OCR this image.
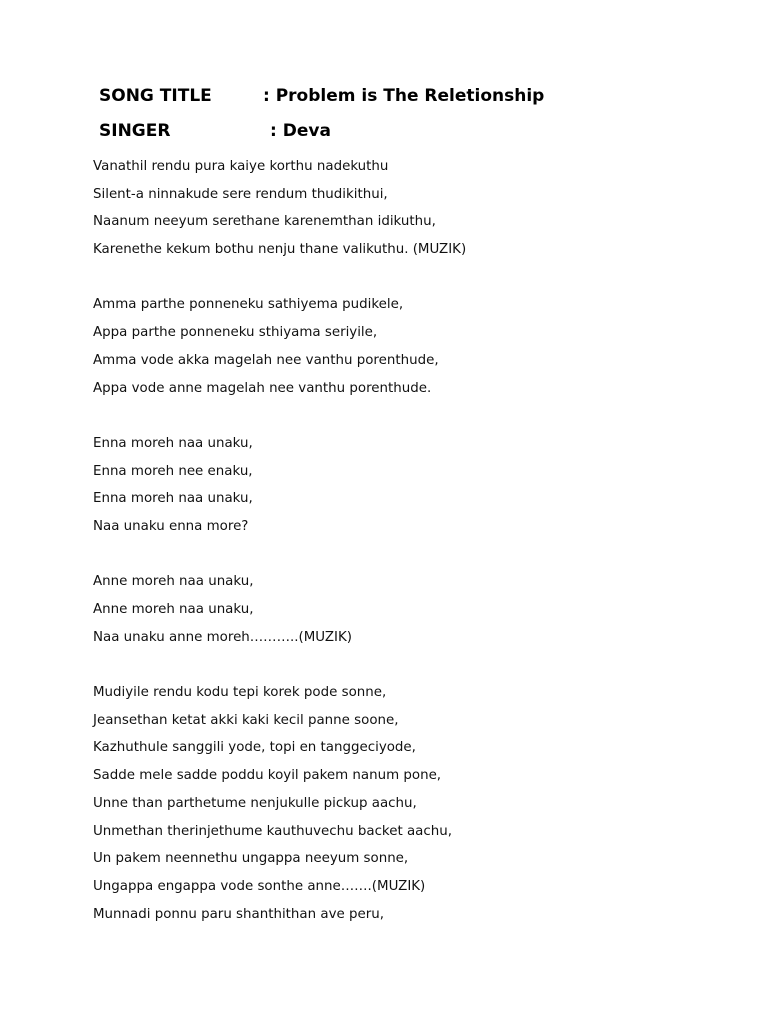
SONG TITLE	: Problem is The Reletionship
SINGER	: Deva
Vanathil rendu pura kaiye korthu nadekuthu
Silent-a ninnakude sere rendum thudikithui,
Naanum neeyum serethane karenemthan idikuthu,
Karenethe kekum bothu nenju thane valikuthu. (MUZIK)
Amma parthe ponneneku sathiyema pudikele,
Appa parthe ponneneku sthiyama seriyile,
Amma vode akka magelah nee vanthu porenthude,
Appa vode anne magelah nee vanthu porenthude.
Enna moreh naa unaku,
Enna moreh nee enaku,
Enna moreh naa unaku,
Naa unaku enna more?
Anne moreh naa unaku,
Anne moreh naa unaku,
Naa unaku anne moreh………..(MUZIK)
Mudiyile rendu kodu tepi korek pode sonne,
Jeansethan ketat akki kaki kecil panne soone,
Kazhuthule sanggili yode, topi en tanggeciyode,
Sadde mele sadde poddu koyil pakem nanum pone,
Unne than parthetume nenjukulle pickup aachu,
Unmethan therinjethume kauthuvechu backet aachu,
Un pakem neennethu ungappa neeyum sonne,
Ungappa engappa vode sonthe anne…….(MUZIK)
Munnadi ponnu paru shanthithan ave peru,
